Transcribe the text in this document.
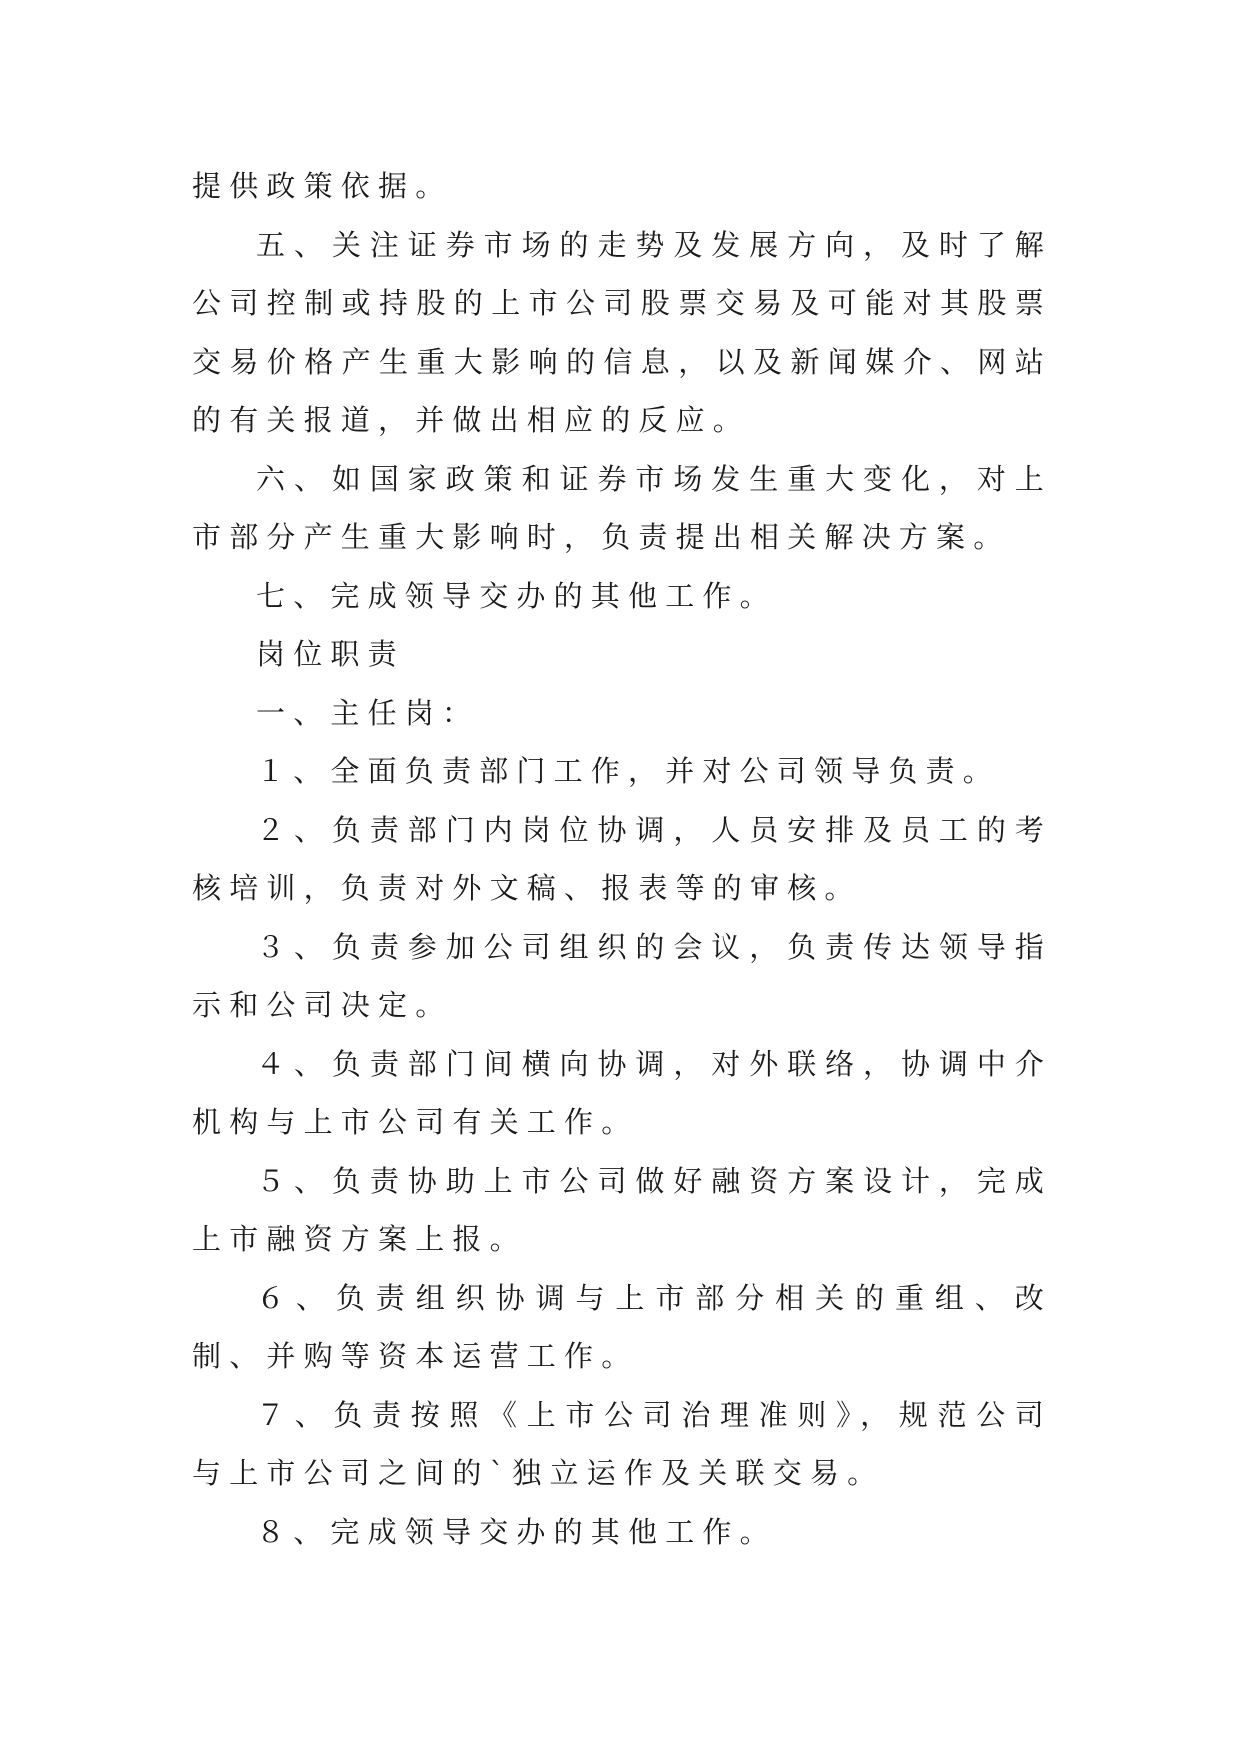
提供政策依据。

五、关注证券市场的走势及发展方向，及时了解公司控制或持股的上市公司股票交易及可能对其股票交易价格产生重大影响的信息，以及新闻媒介、网站的有关报道，并做出相应的反应。

六、如国家政策和证券市场发生重大变化，对上市部分产生重大影响时，负责提出相关解决方案。

七、完成领导交办的其他工作。

岗位职责

一、主任岗：

１、全面负责部门工作，并对公司领导负责。

２、负责部门内岗位协调，人员安排及员工的考核培训，负责对外文稿、报表等的审核。

３、负责参加公司组织的会议，负责传达领导指示和公司决定。

４、负责部门间横向协调，对外联络，协调中介机构与上市公司有关工作。

５、负责协助上市公司做好融资方案设计，完成上市融资方案上报。

６、负责组织协调与上市部分相关的重组、改制、并购等资本运营工作。

７、负责按照《上市公司治理准则》，规范公司与上市公司之间的`独立运作及关联交易。

８、完成领导交办的其他工作。
